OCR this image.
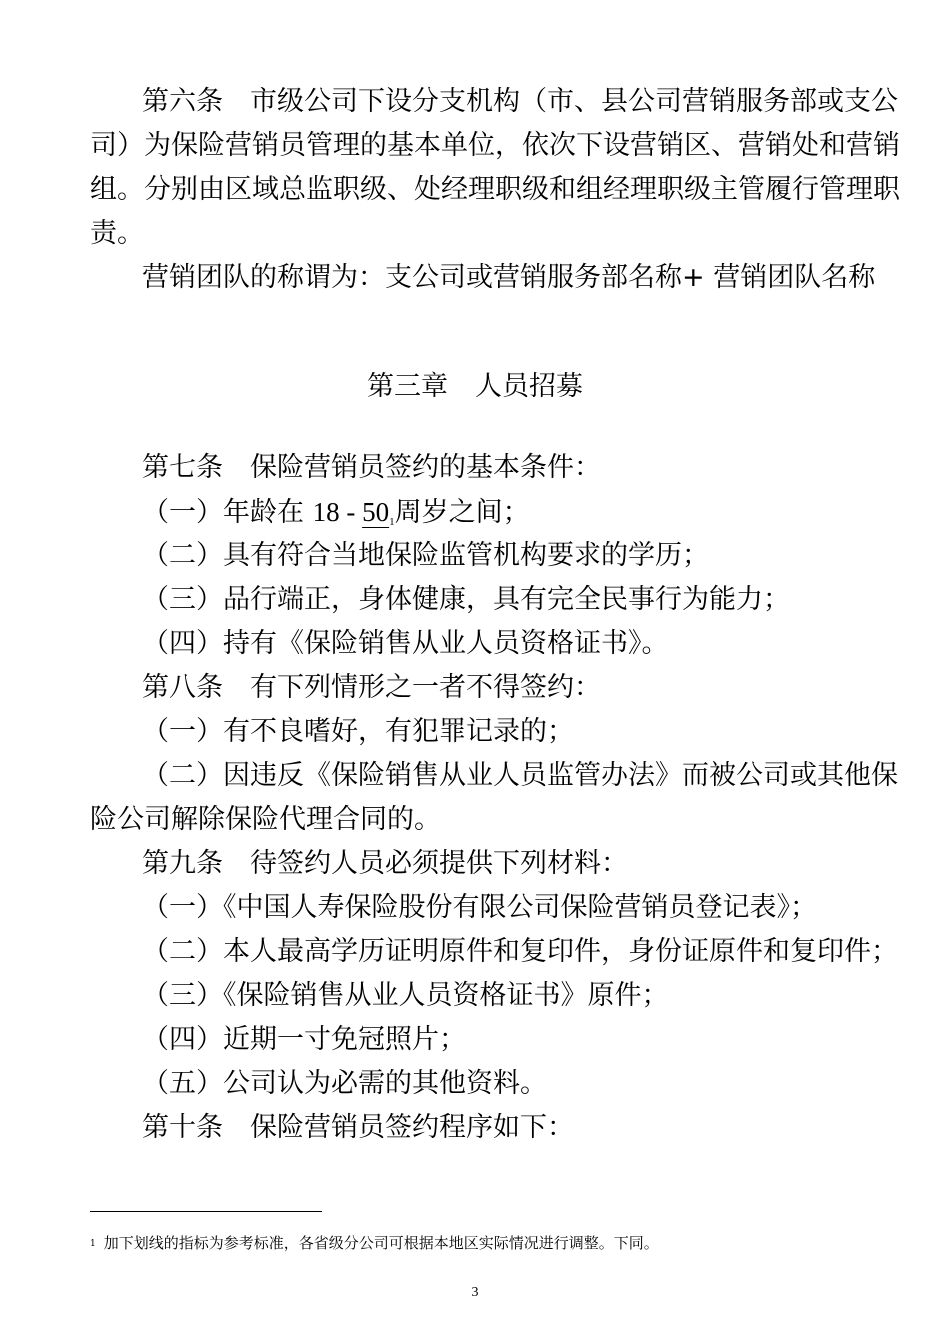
第六条　市级公司下设分支机构（市、县公司营销服务部或支公
司）为保险营销员管理的基本单位，依次下设营销区、营销处和营销
组。分别由区域总监职级、处经理职级和组经理职级主管履行管理职
责。
营销团队的称谓为：支公司或营销服务部名称+ 营销团队名称
第三章　人员招募
第七条　保险营销员签约的基本条件：
（一）年龄在 18 - 50$^1$周岁之间；
（二）具有符合当地保险监管机构要求的学历；
（三）品行端正，身体健康，具有完全民事行为能力；
（四）持有《保险销售从业人员资格证书》。
第八条　有下列情形之一者不得签约：
（一）有不良嗜好，有犯罪记录的；
（二）因违反《保险销售从业人员监管办法》而被公司或其他保
险公司解除保险代理合同的。
第九条　待签约人员必须提供下列材料：
（一）《中国人寿保险股份有限公司保险营销员登记表》；
（二）本人最高学历证明原件和复印件，身份证原件和复印件；
（三）《保险销售从业人员资格证书》原件；
（四）近期一寸免冠照片；
（五）公司认为必需的其他资料。
第十条　保险营销员签约程序如下：
1 加下划线的指标为参考标准，各省级分公司可根据本地区实际情况进行调整。下同。
3
